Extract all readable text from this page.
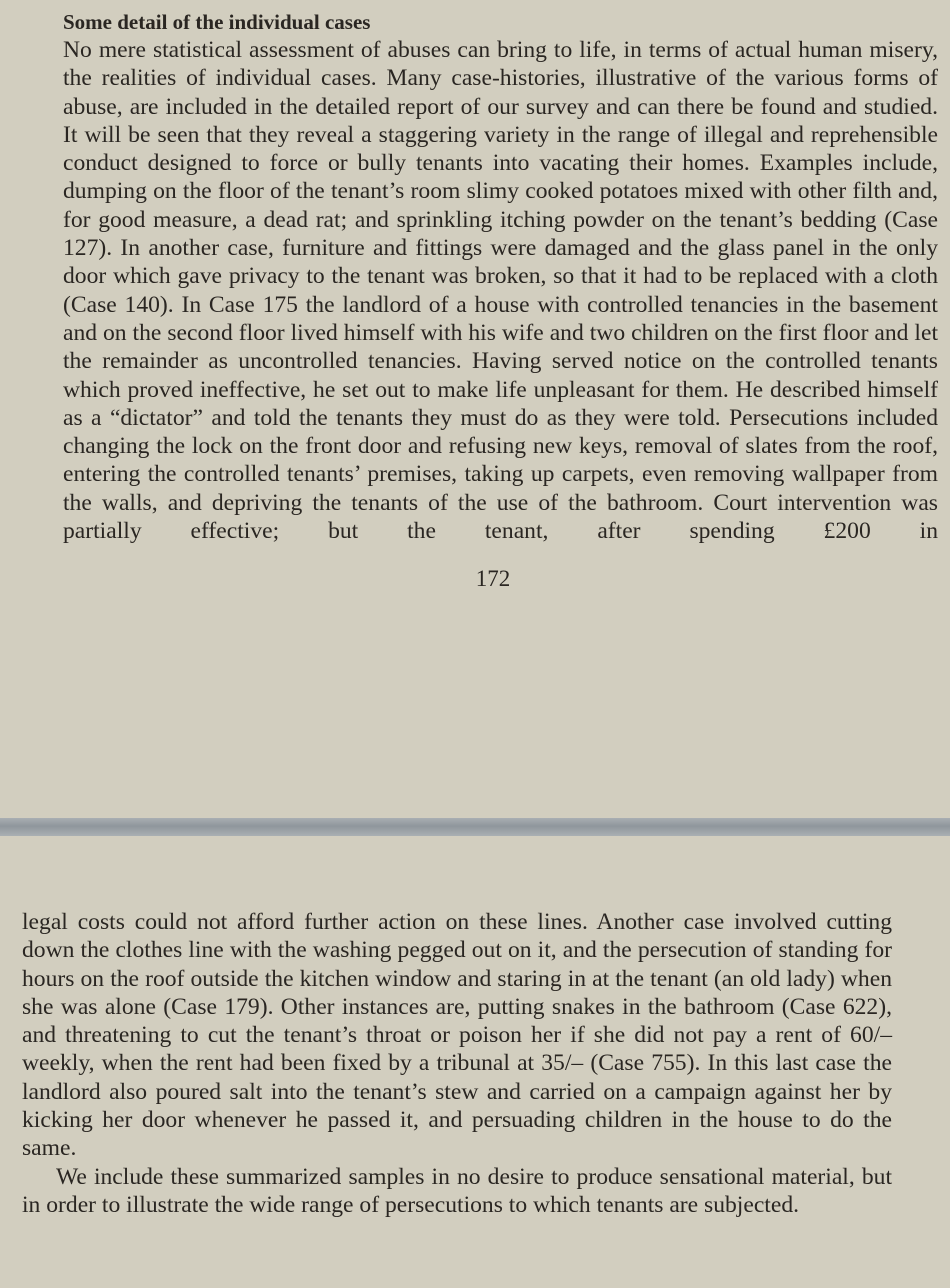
Some detail of the individual cases

No mere statistical assessment of abuses can bring to life, in terms of actual human misery, the realities of individual cases. Many case-histories, illustrative of the various forms of abuse, are included in the detailed report of our survey and can there be found and studied. It will be seen that they reveal a staggering variety in the range of illegal and reprehensible conduct designed to force or bully tenants into vacating their homes. Examples include, dumping on the floor of the tenant’s room slimy cooked potatoes mixed with other filth and, for good measure, a dead rat; and sprinkling itching powder on the tenant’s bedding (Case 127). In another case, furniture and fittings were damaged and the glass panel in the only door which gave privacy to the tenant was broken, so that it had to be replaced with a cloth (Case 140). In Case 175 the landlord of a house with controlled tenancies in the basement and on the second floor lived himself with his wife and two children on the first floor and let the remainder as uncontrolled tenancies. Having served notice on the controlled tenants which proved ineffective, he set out to make life unpleasant for them. He described himself as a “dictator” and told the tenants they must do as they were told. Persecutions included changing the lock on the front door and refusing new keys, removal of slates from the roof, entering the controlled tenants’ premises, taking up carpets, even removing wallpaper from the walls, and depriving the tenants of the use of the bathroom. Court intervention was partially effective; but the tenant, after spending £200 in

172

legal costs could not afford further action on these lines. Another case involved cutting down the clothes line with the washing pegged out on it, and the persecution of standing for hours on the roof outside the kitchen window and staring in at the tenant (an old lady) when she was alone (Case 179). Other instances are, putting snakes in the bathroom (Case 622), and threatening to cut the tenant’s throat or poison her if she did not pay a rent of 60/– weekly, when the rent had been fixed by a tribunal at 35/– (Case 755). In this last case the landlord also poured salt into the tenant’s stew and carried on a campaign against her by kicking her door whenever he passed it, and persuading children in the house to do the same.

We include these summarized samples in no desire to produce sensational material, but in order to illustrate the wide range of persecutions to which tenants are subjected.
